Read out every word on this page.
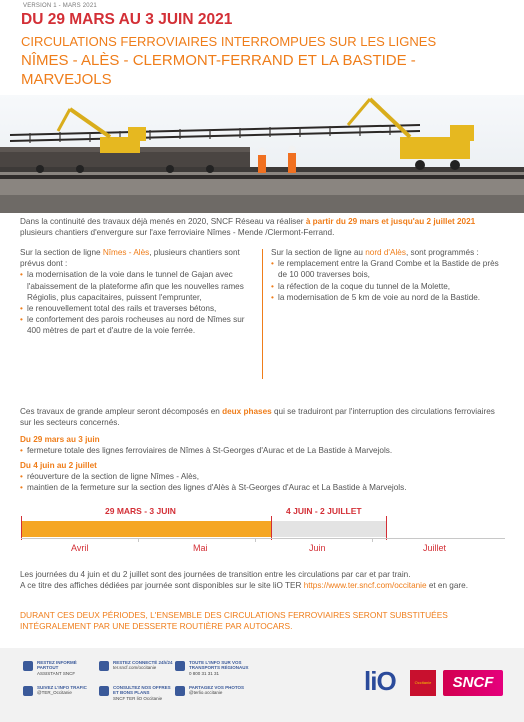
VERSION 1 - MARS 2021
DU 29 MARS AU 3 JUIN 2021
CIRCULATIONS FERROVIAIRES INTERROMPUES SUR LES LIGNES
NÎMES - ALÈS - CLERMONT-FERRAND ET LA BASTIDE -
MARVEJOLS
Dans la continuité des travaux déjà menés en 2020, SNCF Réseau va réaliser à partir du 29 mars et jusqu'au 2 juillet 2021 plusieurs chantiers d'envergure sur l'axe ferroviaire Nîmes - Mende /Clermont-Ferrand.
Sur la section de ligne Nîmes - Alès, plusieurs chantiers sont prévus dont :
• la modernisation de la voie dans le tunnel de Gajan avec l'abaissement de la plateforme afin que les nouvelles rames Régiolis, plus capacitaires, puissent l'emprunter,
• le renouvellement total des rails et traverses bétons,
• le confortement des parois rocheuses au nord de Nîmes sur 400 mètres de part et d'autre de la voie ferrée.
Sur la section de ligne au nord d'Alès, sont programmés :
• le remplacement entre la Grand Combe et la Bastide de près de 10 000 traverses bois,
• la réfection de la coque du tunnel de la Molette,
• la modernisation de 5 km de voie au nord de la Bastide.
Ces travaux de grande ampleur seront décomposés en deux phases qui se traduiront par l'interruption des circulations ferroviaires sur les secteurs concernés.
Du 29 mars au 3 juin
• fermeture totale des lignes ferroviaires de Nîmes à St-Georges d'Aurac et de La Bastide à Marvejols.
Du 4 juin au 2 juillet
• réouverture de la section de ligne Nîmes - Alès,
• maintien de la fermeture sur la section des lignes d'Alès à St-Georges d'Aurac et La Bastide à Marvejols.
29 MARS - 3 JUIN	4 JUIN - 2 JUILLET
Avril	Mai	Juin	Juillet
Les journées du 4 juin et du 2 juillet sont des journées de transition entre les circulations par car et par train.
A ce titre des affiches dédiées par journée sont disponibles sur le site liO TER https://www.ter.sncf.com/occitanie et en gare.
DURANT CES DEUX PÉRIODES, L'ENSEMBLE DES CIRCULATIONS FERROVIAIRES SERONT SUBSTITUÉES INTÉGRALEMENT PAR UNE DESSERTE ROUTIÈRE PAR AUTOCARS.
RESTEZ INFORMÉ PARTOUT
ASSISTANT SNCF
RESTEZ CONNECTÉ 24h/24
ter.sncf.com/occitanie
TOUTE L'INFO SUR VOS TRANSPORTS RÉGIONAUX
0 800 31 31 31
SUIVEZ L'INFO TRAFIC
@TER_Occitanie
CONSULTEZ NOS OFFRES ET BONS PLANS
SNCF TER liO Occitanie
PARTAGEZ VOS PHOTOS
@terlio.occitanie	liO	Occitanie	SNCF
